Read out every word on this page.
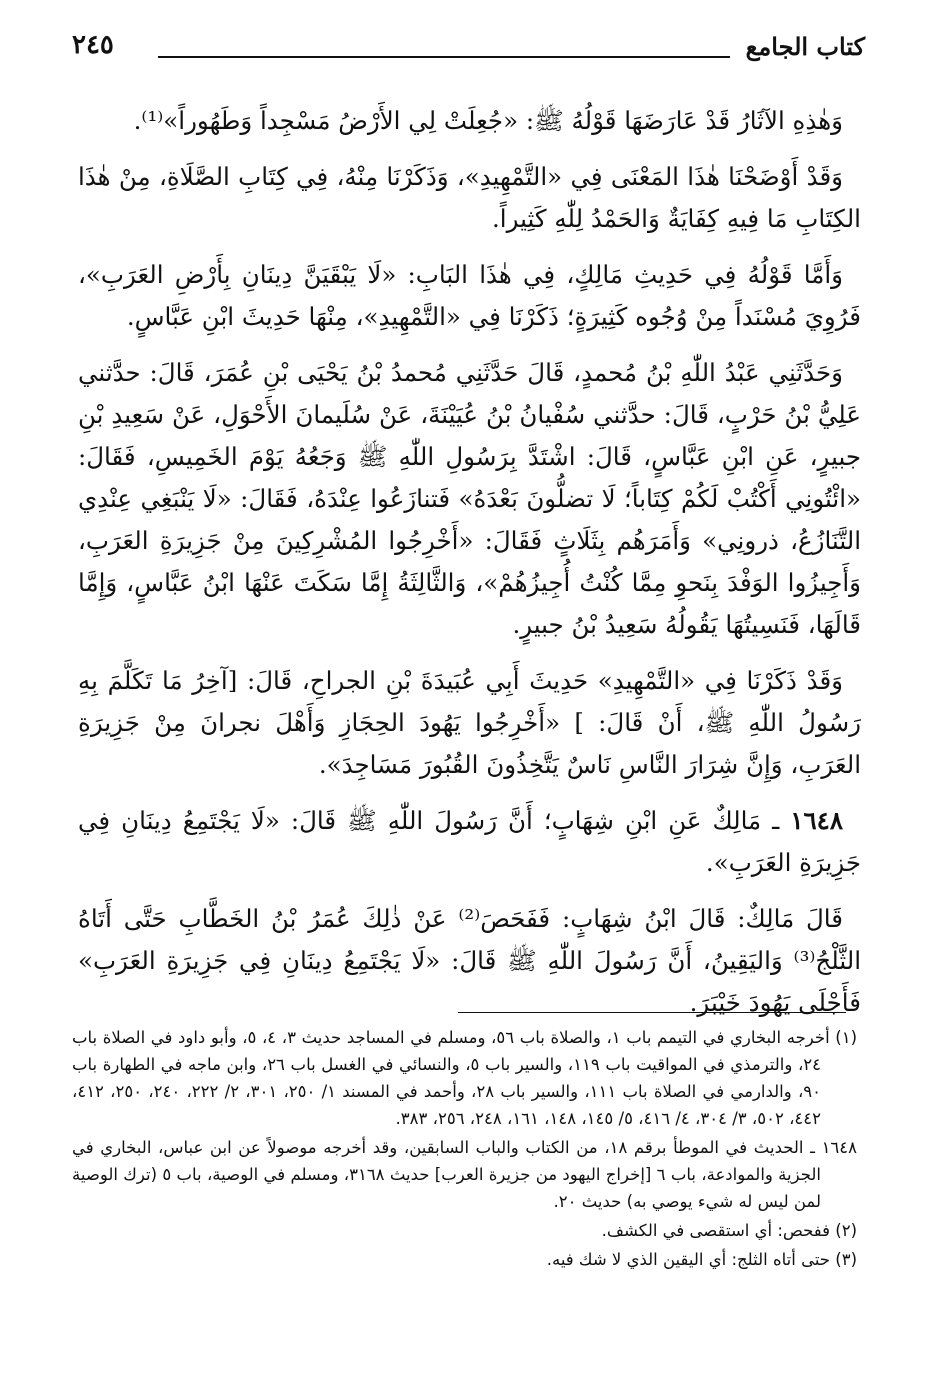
كتاب الجامع
٢٤٥

وَهٰذِهِ الآثَارُ قَدْ عَارَضَهَا قَوْلُهُ ﷺ: «جُعِلَتْ لِي الأَرْضُ مَسْجِداً وَطَهُوراً»⁽¹⁾.

وَقَدْ أَوْضَحْنَا هٰذَا المَعْنَى فِي «التَّمْهِيدِ»، وَذَكَرْنَا مِنْهُ، فِي كِتَابِ الصَّلَاةِ، مِنْ هٰذَا الكِتَابِ مَا فِيهِ كِفَايَةٌ وَالحَمْدُ لِلّٰهِ كَثِيراً.

وَأَمَّا قَوْلُهُ فِي حَدِيثِ مَالِكٍ، فِي هٰذَا البَابِ: «لَا يَبْقَيَنَّ دِينَانِ بِأَرْضِ العَرَبِ»، فَرُوِيَ مُسْنَداً مِنْ وُجُوه كَثِيرَةٍ؛ ذَكَرْنَا فِي «التَّمْهِيدِ»، مِنْهَا حَدِيثَ ابْنِ عَبَّاسٍ.

وَحَدَّثَنِي عَبْدُ اللّٰهِ بْنُ مُحمدٍ، قَالَ حَدَّثَنِي مُحمدُ بْنُ يَحْيَى بْنِ عُمَرَ، قَالَ: حدَّثني عَلِيُّ بْنُ حَرْبٍ، قَالَ: حدَّثني سُفْيانُ بْنُ عُيَيْنَةَ، عَنْ سُلَيمانَ الأَحْوَلِ، عَنْ سَعِيدِ بْنِ جبيرٍ، عَنِ ابْنِ عَبَّاسٍ، قَالَ: اشْتَدَّ بِرَسُولِ اللّٰهِ ﷺ وَجَعُهُ يَوْمَ الخَمِيسِ، فَقَالَ: «ائْتُونِي أَكْتُبْ لَكُمْ كِتَاباً؛ لَا تضلُّونَ بَعْدَهُ» فَتنازَعُوا عِنْدَهُ، فَقَالَ: «لَا يَنْبَغِي عِنْدِي التَّنَازُعُ، ذرونِي» وَأَمَرَهُم بِثَلَاثٍ فَقَالَ: «أَخْرِجُوا المُشْرِكِينَ مِنْ جَزِيرَةِ العَرَبِ، وَأَجِيزُوا الوَفْدَ بِنَحوِ مِمَّا كُنْتُ أُجِيزُهُمْ»، وَالثَّالِثَةُ إِمَّا سَكَتَ عَنْهَا ابْنُ عَبَّاسٍ، وَإِمَّا قَالَهَا، فَنَسِيتُهَا يَقُولُهُ سَعِيدُ بْنُ جبيرٍ.

وَقَدْ ذَكَرْنَا فِي «التَّمْهِيدِ» حَدِيثَ أَبِي عُبَيدَةَ بْنِ الجراحِ، قَالَ: [آخِرُ مَا تَكَلَّمَ بِهِ رَسُولُ اللّٰهِ ﷺ، أَنْ قَالَ: ] «أَخْرِجُوا يَهُودَ الحِجَازِ وَأَهْلَ نجرانَ مِنْ جَزِيرَةِ العَرَبِ، وَإِنَّ شِرَارَ النَّاسِ نَاسٌ يَتَّخِذُونَ القُبُورَ مَسَاجِدَ».

١٦٤٨ ـ مَالِكٌ عَنِ ابْنِ شِهَابٍ؛ أَنَّ رَسُولَ اللّٰهِ ﷺ قَالَ: «لَا يَجْتَمِعُ دِينَانِ فِي جَزِيرَةِ العَرَبِ».

قَالَ مَالِكٌ: قَالَ ابْنُ شِهَابٍ: فَفَحَصَ⁽²⁾ عَنْ ذٰلِكَ عُمَرُ بْنُ الخَطَّابِ حَتَّى أَتَاهُ الثَّلْجُ⁽³⁾ وَاليَقِينُ، أَنَّ رَسُولَ اللّٰهِ ﷺ قَالَ: «لَا يَجْتَمِعُ دِينَانِ فِي جَزِيرَةِ العَرَبِ» فَأَجْلَى يَهُودَ خَيْبَرَ.

(١) أخرجه البخاري في التيمم باب ١، والصلاة باب ٥٦، ومسلم في المساجد حديث ٣، ٤، ٥، وأبو داود في الصلاة باب ٢٤، والترمذي في المواقيت باب ١١٩، والسير باب ٥، والنسائي في الغسل باب ٢٦، وابن ماجه في الطهارة باب ٩٠، والدارمي في الصلاة باب ١١١، والسير باب ٢٨، وأحمد في المسند ١/ ٢٥٠، ٣٠١، ٢/ ٢٢٢، ٢٤٠، ٢٥٠، ٤١٢، ٤٤٢، ٥٠٢، ٣/ ٣٠٤، ٤/ ٤١٦، ٥/ ١٤٥، ١٤٨، ١٦١، ٢٤٨، ٢٥٦، ٣٨٣.

١٦٤٨ ـ الحديث في الموطأ برقم ١٨، من الكتاب والباب السابقين، وقد أخرجه موصولاً عن ابن عباس، البخاري في الجزية والموادعة، باب ٦ [إخراج اليهود من جزيرة العرب] حديث ٣١٦٨، ومسلم في الوصية، باب ٥ (ترك الوصية لمن ليس له شيء يوصي به) حديث ٢٠.

(٢) ففحص: أي استقصى في الكشف.

(٣) حتى أتاه الثلج: أي اليقين الذي لا شك فيه.
